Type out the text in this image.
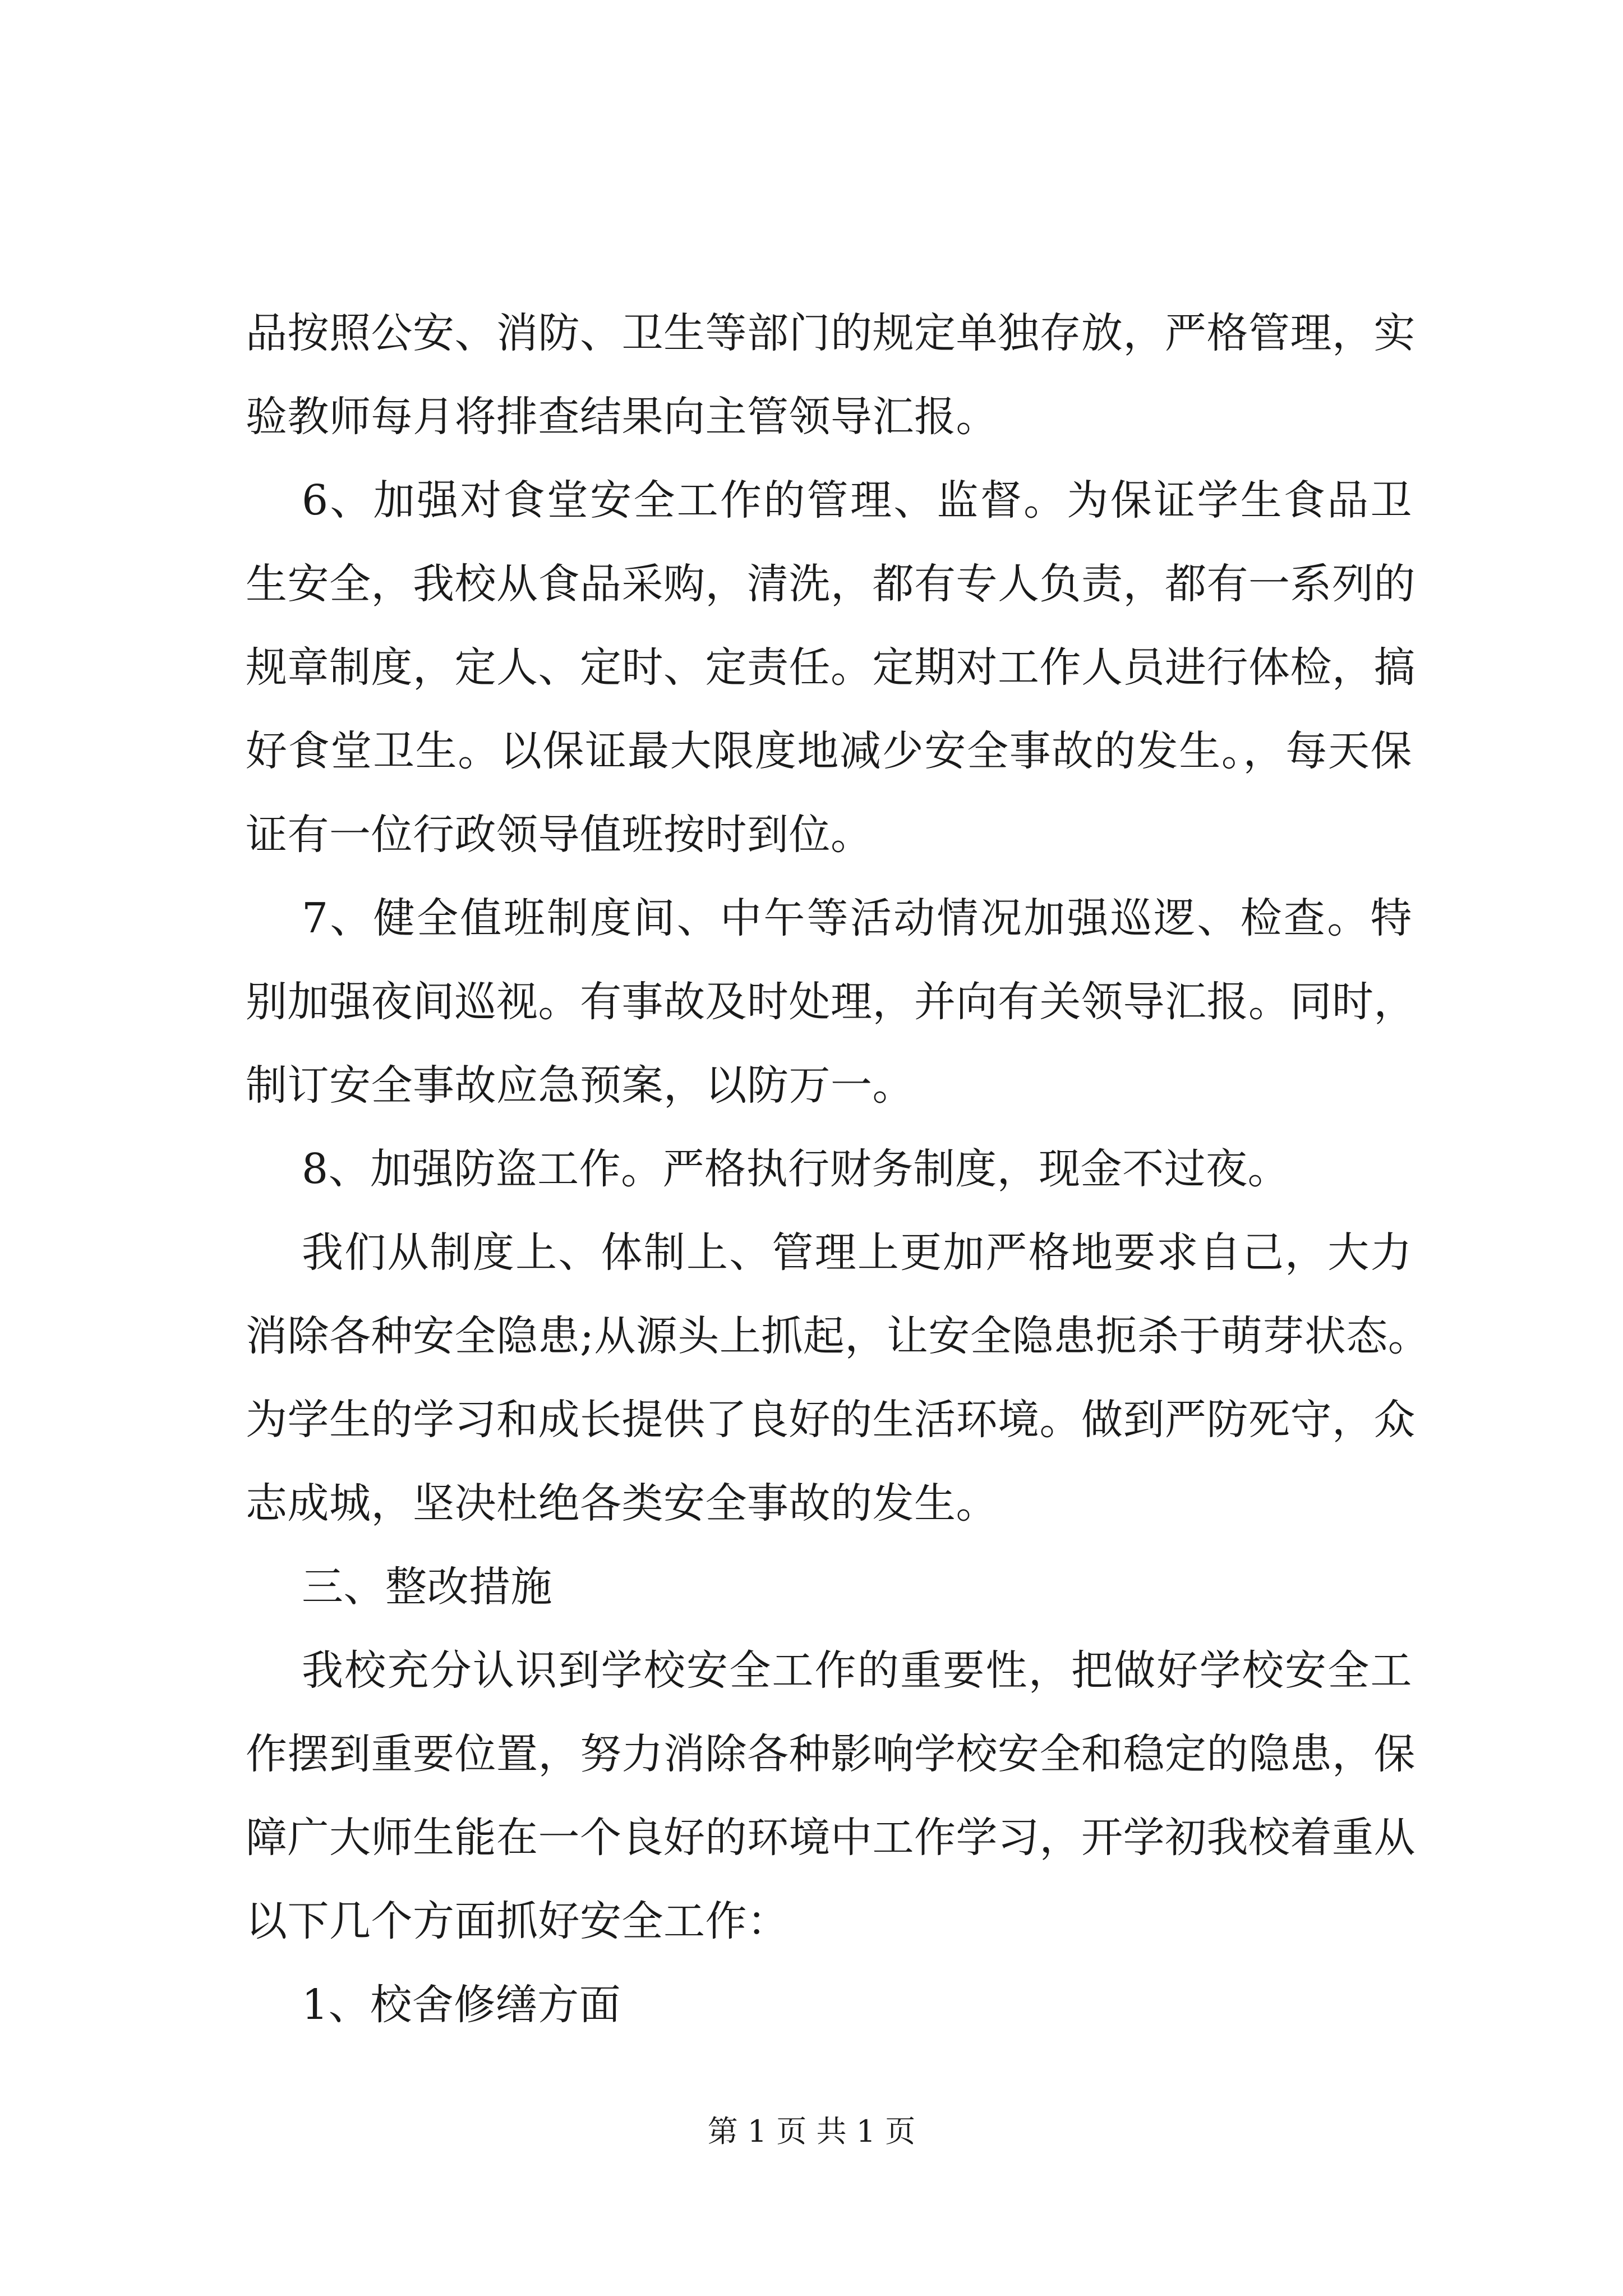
品按照公安、消防、卫生等部门的规定单独存放，严格管理，实
验教师每月将排查结果向主管领导汇报。
6、加强对食堂安全工作的管理、监督。为保证学生食品卫
生安全，我校从食品采购，清洗，都有专人负责，都有一系列的
规章制度，定人、定时、定责任。定期对工作人员进行体检，搞
好食堂卫生。以保证最大限度地减少安全事故的发生。，每天保
证有一位行政领导值班按时到位。
7、健全值班制度间、中午等活动情况加强巡逻、检查。特
别加强夜间巡视。有事故及时处理，并向有关领导汇报。同时，
制订安全事故应急预案，以防万一。
8、加强防盗工作。严格执行财务制度，现金不过夜。
我们从制度上、体制上、管理上更加严格地要求自己，大力
消除各种安全隐患;从源头上抓起，让安全隐患扼杀于萌芽状态。
为学生的学习和成长提供了良好的生活环境。做到严防死守，众
志成城，坚决杜绝各类安全事故的发生。
三、整改措施
我校充分认识到学校安全工作的重要性，把做好学校安全工
作摆到重要位置，努力消除各种影响学校安全和稳定的隐患，保
障广大师生能在一个良好的环境中工作学习，开学初我校着重从
以下几个方面抓好安全工作：
1、校舍修缮方面
第 1 页 共 1 页
